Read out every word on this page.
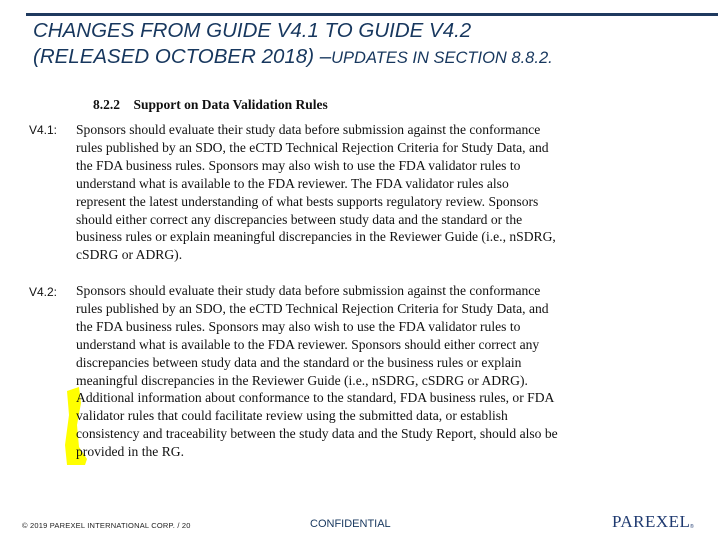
CHANGES FROM GUIDE V4.1 TO GUIDE V4.2
(RELEASED OCTOBER 2018) –UPDATES IN SECTION 8.8.2.
8.2.2    Support on Data Validation Rules
V4.1: Sponsors should evaluate their study data before submission against the conformance
rules published by an SDO, the eCTD Technical Rejection Criteria for Study Data, and
the FDA business rules. Sponsors may also wish to use the FDA validator rules to
understand what is available to the FDA reviewer. The FDA validator rules also
represent the latest understanding of what bests supports regulatory review. Sponsors
should either correct any discrepancies between study data and the standard or the
business rules or explain meaningful discrepancies in the Reviewer Guide (i.e., nSDRG,
cSDRG or ADRG).
V4.2: Sponsors should evaluate their study data before submission against the conformance
rules published by an SDO, the eCTD Technical Rejection Criteria for Study Data, and
the FDA business rules. Sponsors may also wish to use the FDA validator rules to
understand what is available to the FDA reviewer. Sponsors should either correct any
discrepancies between study data and the standard or the business rules or explain
meaningful discrepancies in the Reviewer Guide (i.e., nSDRG, cSDRG or ADRG).
Additional information about conformance to the standard, FDA business rules, or FDA
validator rules that could facilitate review using the submitted data, or establish
consistency and traceability between the study data and the Study Report, should also be
provided in the RG.
© 2019 PAREXEL INTERNATIONAL CORP. / 20	CONFIDENTIAL	PAREXEL ®
